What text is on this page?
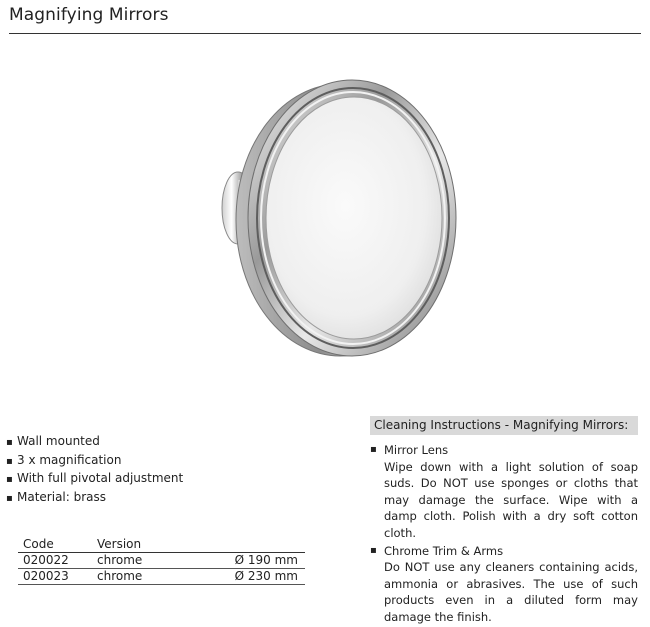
Magnifying Mirrors
▪ Wall mounted
▪ 3 x magnification
▪ With full pivotal adjustment
▪ Material: brass
Code	Version	
020022	chrome	Ø 190 mm
020023	chrome	Ø 230 mm
Cleaning Instructions - Magnifying Mirrors:
▪ Mirror Lens
Wipe down with a light solution of soap suds. Do NOT use sponges or cloths that may damage the surface. Wipe with a damp cloth. Polish with a dry soft cotton cloth.
▪ Chrome Trim & Arms
Do NOT use any cleaners containing acids, ammonia or abrasives. The use of such products even in a diluted form may damage the finish.
